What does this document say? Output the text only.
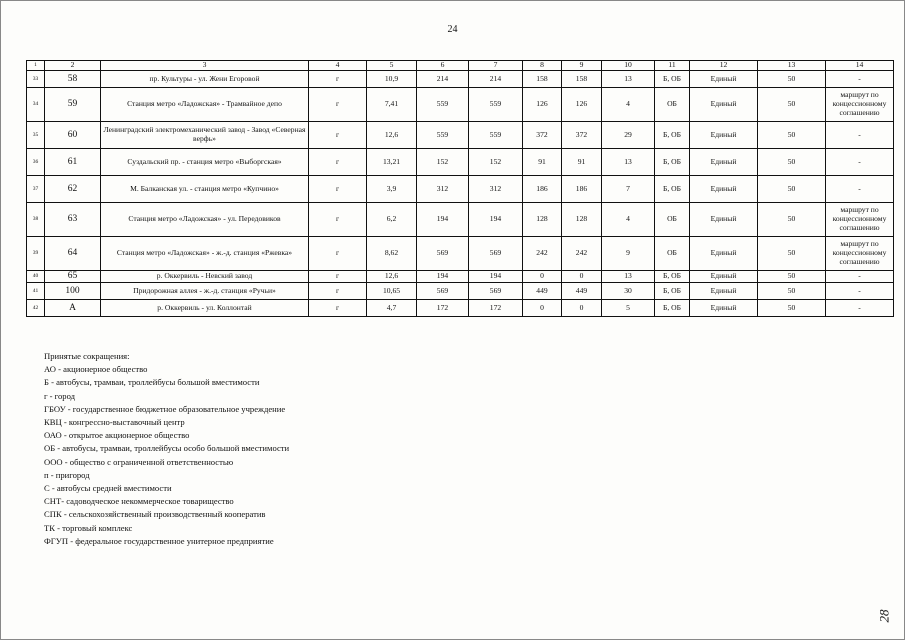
24
1	2	3	4	5	6	7	8	9	10	11	12	13	14
33	58	пр. Культуры - ул. Жени Егоровой	г	10,9	214	214	158	158	13	Б, ОБ	Единый	50	-
34	59	Станция метро «Ладожская» - Трамвайное депо	г	7,41	559	559	126	126	4	ОБ	Единый	50	маршрут по концессионному соглашению
35	60	Ленинградский электромеханический завод - Завод «Северная верфь»	г	12,6	559	559	372	372	29	Б, ОБ	Единый	50	-
36	61	Суздальский пр. - станция метро «Выборгская»	г	13,21	152	152	91	91	13	Б, ОБ	Единый	50	-
37	62	М. Балканская ул. - станция метро «Купчино»	г	3,9	312	312	186	186	7	Б, ОБ	Единый	50	-
38	63	Станция метро «Ладожская» - ул. Передовиков	г	6,2	194	194	128	128	4	ОБ	Единый	50	маршрут по концессионному соглашению
39	64	Станция метро «Ладожская» - ж.-д. станция «Ржевка»	г	8,62	569	569	242	242	9	ОБ	Единый	50	маршрут по концессионному соглашению
40	65	р. Оккервиль - Невский завод	г	12,6	194	194	0	0	13	Б, ОБ	Единый	50	-
41	100	Придорожная аллея - ж.-д. станция «Ручьи»	г	10,65	569	569	449	449	30	Б, ОБ	Единый	50	-
42	А	р. Оккервиль - ул. Коллонтай	г	4,7	172	172	0	0	5	Б, ОБ	Единый	50	-
Принятые сокращения:
АО - акционерное общество
Б - автобусы, трамваи, троллейбусы большой вместимости
г - город
ГБОУ - государственное бюджетное образовательное учреждение
КВЦ - конгрессно-выставочный центр
ОАО - открытое акционерное общество
ОБ - автобусы, трамваи, троллейбусы особо большой вместимости
ООО - общество с ограниченной ответственностью
п - пригород
С - автобусы средней вместимости
СНТ- садоводческое некоммерческое товарищество
СПК - сельскохозяйственный производственный кооператив
ТК - торговый комплекс
ФГУП - федеральное государственное унитерное предприятие
28
